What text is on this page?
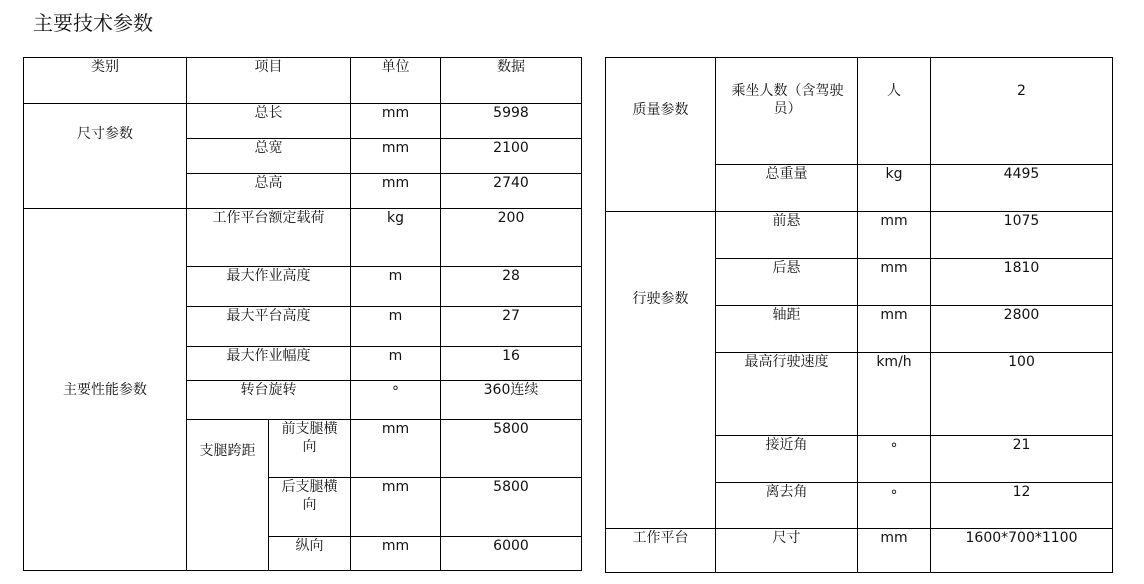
主要技术参数
类别	项目		单位	数据
尺寸参数	总长		mm	5998
	总宽		mm	2100
	总高		mm	2740
主要性能参数	工作平台额定载荷		kg	200
	最大作业高度		m	28
	最大平台高度		m	27
	最大作业幅度		m	16
	转台旋转		°	360连续
	支腿跨距	前支腿横向	mm	5800
		后支腿横向	mm	5800
		纵向	mm	6000
质量参数	乘坐人数（含驾驶员）	人	2
	总重量	kg	4495
行驶参数	前悬	mm	1075
	后悬	mm	1810
	轴距	mm	2800
	最高行驶速度	km/h	100
	接近角	°	21
	离去角	°	12
工作平台	尺寸	mm	1600*700*1100
